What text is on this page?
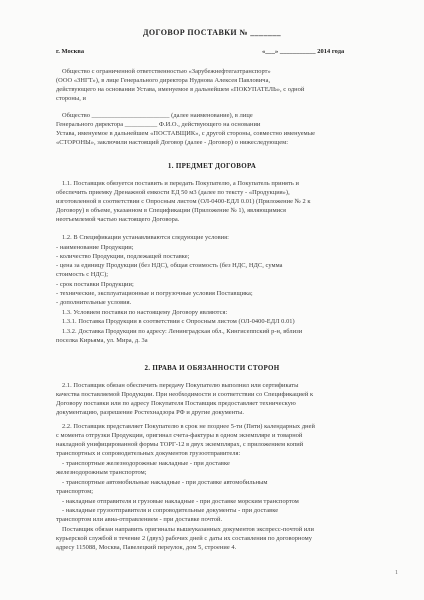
ДОГОВОР ПОСТАВКИ № _______
г. Москва	«___» ___________ 2014 года
Общество с ограниченной ответственностью «Зарубежнефтегазтранспорт»
(ООО «ЗНГТ»), в лице Генерального директора Нуднова Алексея Павловича,
действующего на основании Устава, именуемое в дальнейшем «ПОКУПАТЕЛЬ», с одной
стороны, и
Общество ________________________ (далее наименование), в лице
Генерального директора __________ Ф.И.О., действующего на основании
Устава, именуемое в дальнейшем «ПОСТАВЩИК», с другой стороны, совместно именуемые
«СТОРОНЫ», заключили настоящий Договор (далее - Договор) о нижеследующем:
1. ПРЕДМЕТ ДОГОВОРА
1.1. Поставщик обязуется поставить и передать Покупателю, а Покупатель принять и
обеспечить приемку Дренажной емкости ЕД 50 м3 (далее по тексту - «Продукция»),
изготовленной в соответствии с Опросным листом (ОЛ-0400-ЕДЛ 0.01) (Приложение № 2 к
Договору) в объеме, указанном в Спецификации (Приложение № 1), являющимися
неотъемлемой частью настоящего Договора.
1.2. В Спецификации устанавливаются следующие условия:
- наименование Продукции;
- количество Продукции, подлежащей поставке;
- цена за единицу Продукции (без НДС), общая стоимость (без НДС, НДС, сумма
стоимость с НДС);
- срок поставки Продукции;
- технические, эксплуатационные и погрузочные условия Поставщика;
- дополнительные условия.
1.3. Условием поставки по настоящему Договору являются:
1.3.1. Поставка Продукции в соответствии с Опросным листом (ОЛ-0400-ЕДЛ 0.01)
1.3.2. Доставка Продукции по адресу: Ленинградская обл., Кингисеппский р-н, вблизи
поселка Кирьяма, ул. Мира, д. 3а
2. ПРАВА И ОБЯЗАННОСТИ СТОРОН
2.1. Поставщик обязан обеспечить передачу Покупателю выполнил или сертификаты
качества поставляемой Продукции. При необходимости и соответствии со Спецификацией к
Договору поставки или по адресу Покупателя Поставщик предоставляет техническую
документацию, разрешение Ростехнадзора РФ и другие документы.
2.2. Поставщик представляет Покупателю в срок не позднее 5-ти (Пяти) календарных дней
с момента отгрузки Продукции, оригинал счета-фактуры в одном экземпляре и товарной
накладной унифицированной формы ТОРГ-12 в двух экземплярах, с приложением копий
транспортных и сопроводительных документов грузоотправителя:
- транспортные железнодорожные накладные - при доставке
железнодорожным транспортом;
- транспортные автомобильные накладные - при доставке автомобильным
транспортом;
- накладные отправителя и грузовые накладные - при доставке морским транспортом
- накладные грузоотправителя и сопроводительные документы - при доставке
транспортом или авиа-отправлением - при доставке почтой.
Поставщик обязан направить оригиналы вышеуказанных документов экспресс-почтой или
курьерской службой в течение 2 (двух) рабочих дней с даты их составления по договорному
адресу 115088, Москва, Павелецкий переулок, дом 5, строение 4.
1
